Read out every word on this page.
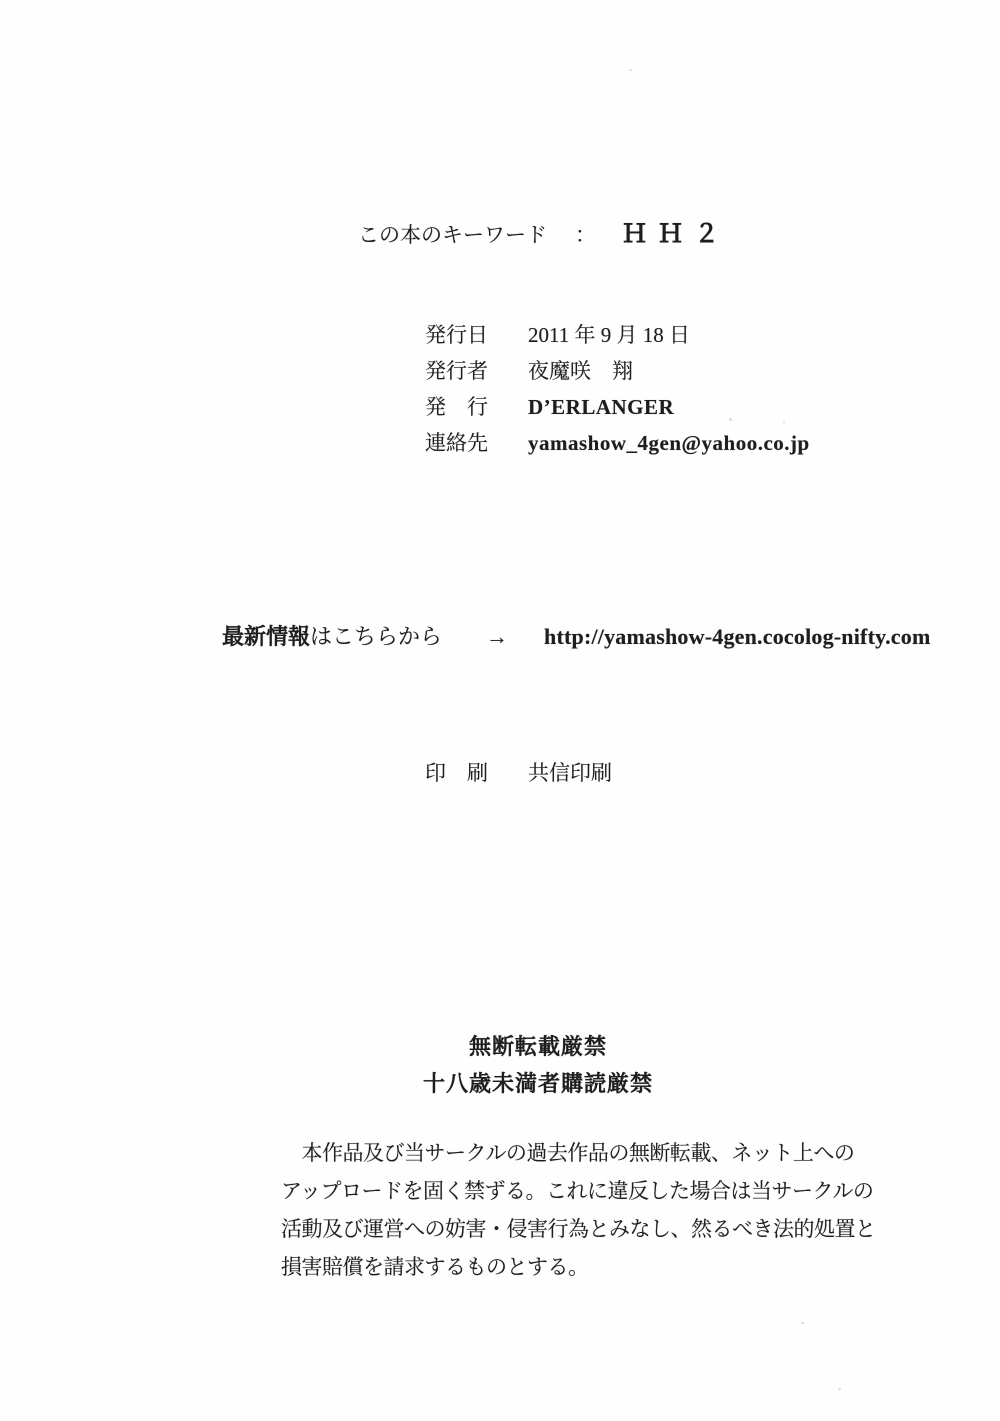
この本のキーワード ： ＨＨ２
発行日	2011 年 9 月 18 日
発行者	夜魔咲　翔
発　行	D’ERLANGER
連絡先	yamashow_4gen@yahoo.co.jp
最新情報はこちらから → http://yamashow-4gen.cocolog-nifty.com
印　刷	共信印刷
無断転載厳禁
十八歳未満者購読厳禁
　本作品及び当サークルの過去作品の無断転載、ネット上への
アップロードを固く禁ずる。これに違反した場合は当サークルの
活動及び運営への妨害・侵害行為とみなし、然るべき法的処置と
損害賠償を請求するものとする。
